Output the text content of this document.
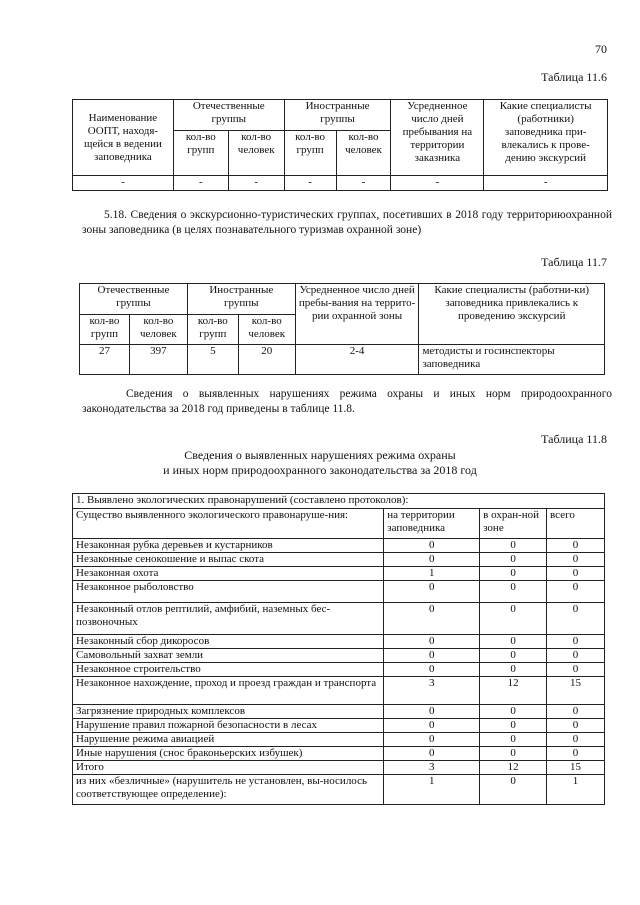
70
Таблица 11.6
Наименование ООПТ, находя-щейся в ведении заповедника	Отечественные группы		Иностранные группы		Усредненное число дней пребывания на территории заказника	Какие специалисты (работники) заповедника при-влекались к прове-дению экскурсий
	кол-во групп	кол-во человек	кол-во групп	кол-во человек		
-	-	-	-	-	-	-
5.18. Сведения о экскурсионно-туристических группах, посетивших в 2018 году территориюохранной зоны заповедника (в целях познавательного туризмав охранной зоне)
Таблица 11.7
Отечественные группы		Иностранные группы		Усредненное число дней пребы-вания на террито-рии охранной зоны	Какие специалисты (работни-ки) заповедника привлекались к проведению экскурсий
кол-во групп	кол-во человек	кол-во групп	кол-во человек		
27	397	5	20	2-4	методисты и госинспекторы заповедника
Сведения о выявленных нарушениях режима охраны и иных норм природоохранного законодательства за 2018 год приведены в таблице 11.8.
Таблица 11.8
Сведения о выявленных нарушениях режима охраны
и иных норм природоохранного законодательства за 2018 год
1. Выявлено экологических правонарушений (составлено протоколов):			
Существо выявленного экологического правонаруше-ния:	на территории заповедника	в охран-ной зоне	всего
Незаконная рубка деревьев и кустарников	0	0	0
Незаконные сенокошение и выпас скота	0	0	0
Незаконная охота	1	0	0
Незаконное рыболовство	0	0	0
Незаконный отлов рептилий, амфибий, наземных бес-позвоночных	0	0	0
Незаконный сбор дикоросов	0	0	0
Самовольный захват земли	0	0	0
Незаконное строительство	0	0	0
Незаконное нахождение, проход и проезд граждан и транспорта	3	12	15
Загрязнение природных комплексов	0	0	0
Нарушение правил пожарной безопасности в лесах	0	0	0
Нарушение режима авиацией	0	0	0
Иные нарушения (снос браконьерских избушек)	0	0	0
Итого	3	12	15
из них «безличные» (нарушитель не установлен, вы-носилось соответствующее определение):	1	0	1
